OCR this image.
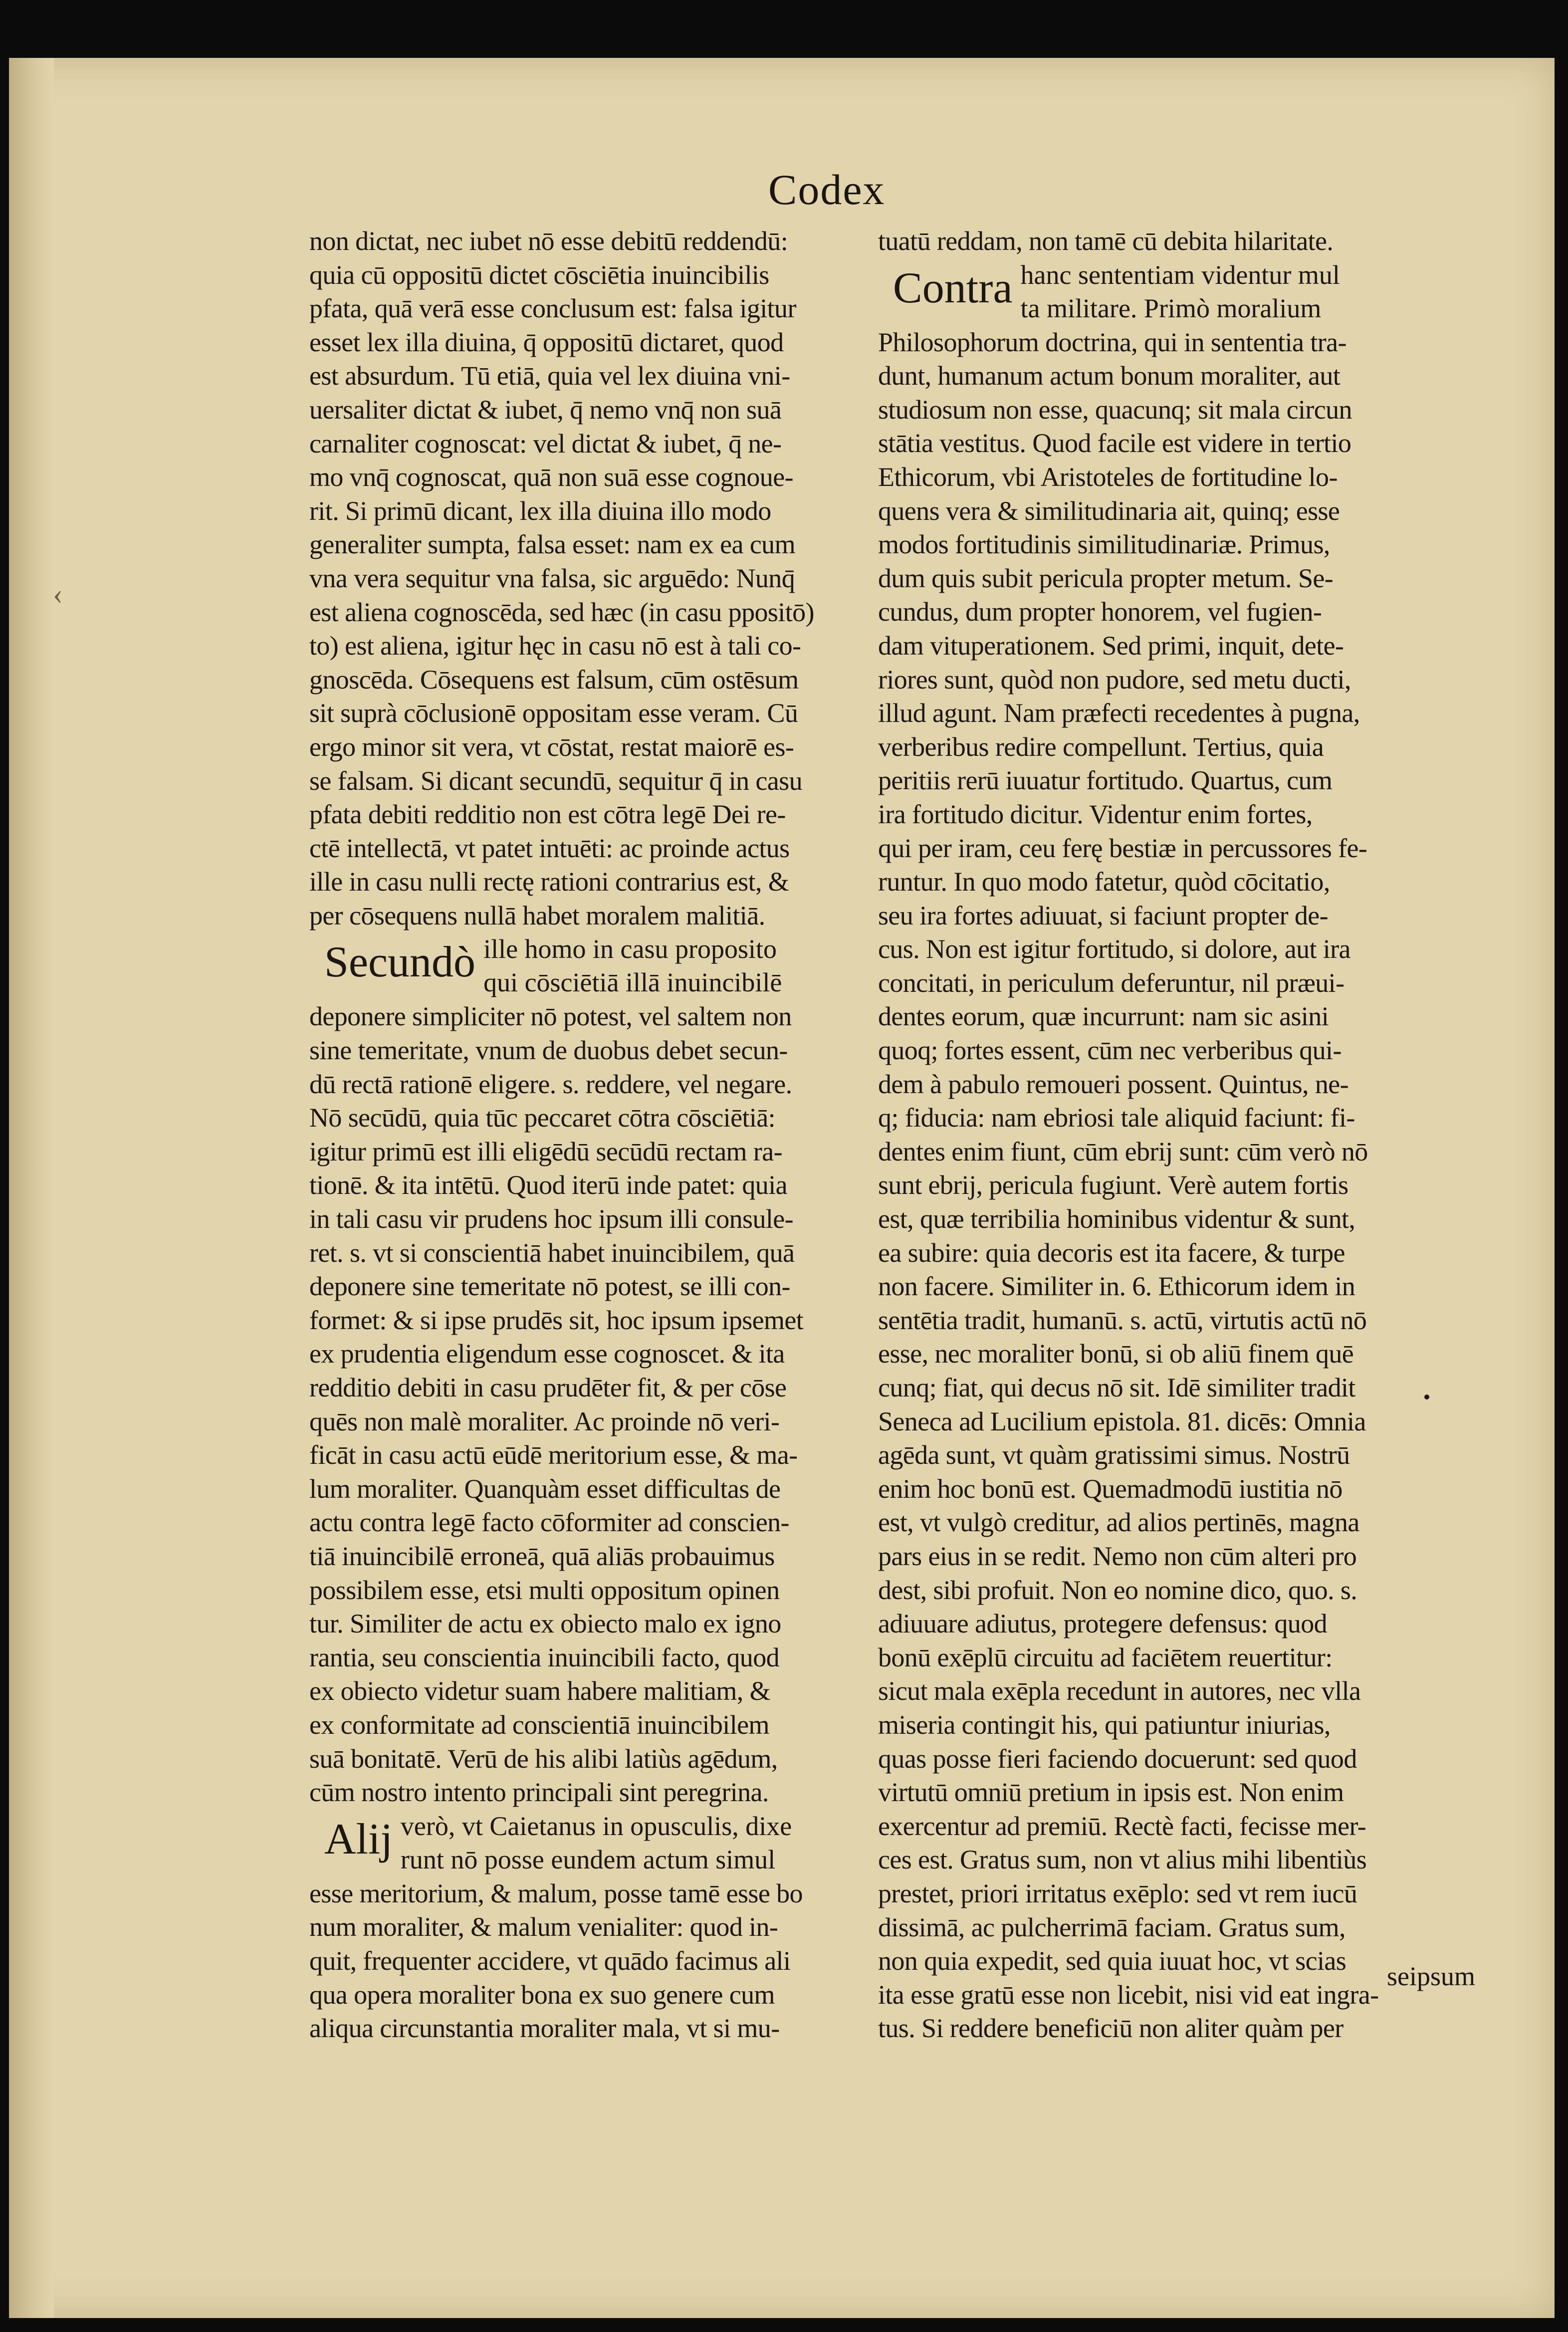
‹
Codex
non dictat, nec iubet nō esse debitū reddendū:
quia cū oppositū dictet cōsciētia inuincibilis
pfata, quā verā esse conclusum est: falsa igitur
esset lex illa diuina, q̄ oppositū dictaret, quod
est absurdum. Tū etiā, quia vel lex diuina vni-
uersaliter dictat & iubet, q̄ nemo vnq̄ non suā
carnaliter cognoscat: vel dictat & iubet, q̄ ne-
mo vnq̄ cognoscat, quā non suā esse cognoue-
rit. Si primū dicant, lex illa diuina illo modo
generaliter sumpta, falsa esset: nam ex ea cum
vna vera sequitur vna falsa, sic arguēdo: Nunq̄
est aliena cognoscēda, sed hæc (in casu ppositō)
to) est aliena, igitur hęc in casu nō est à tali co-
gnoscēda. Cōsequens est falsum, cūm ostēsum
sit suprà cōclusionē oppositam esse veram. Cū
ergo minor sit vera, vt cōstat, restat maiorē es-
se falsam. Si dicant secundū, sequitur q̄ in casu
pfata debiti redditio non est cōtra legē Dei re-
ctē intellectā, vt patet intuēti: ac proinde actus
ille in casu nulli rectę rationi contrarius est, &
per cōsequens nullā habet moralem malitiā.
Secundò ille homo in casu proposito
qui cōsciētiā illā inuincibilē
deponere simpliciter nō potest, vel saltem non
sine temeritate, vnum de duobus debet secun-
dū rectā rationē eligere. s. reddere, vel negare.
Nō secūdū, quia tūc peccaret cōtra cōsciētiā:
igitur primū est illi eligēdū secūdū rectam ra-
tionē. & ita intētū. Quod iterū inde patet: quia
in tali casu vir prudens hoc ipsum illi consule-
ret. s. vt si conscientiā habet inuincibilem, quā
deponere sine temeritate nō potest, se illi con-
formet: & si ipse prudēs sit, hoc ipsum ipsemet
ex prudentia eligendum esse cognoscet. & ita
redditio debiti in casu prudēter fit, & per cōse
quēs non malè moraliter. Ac proinde nō veri-
ficāt in casu actū eūdē meritorium esse, & ma-
lum moraliter. Quanquàm esset difficultas de
actu contra legē facto cōformiter ad conscien-
tiā inuincibilē erroneā, quā aliās probauimus
possibilem esse, etsi multi oppositum opinen
tur. Similiter de actu ex obiecto malo ex igno
rantia, seu conscientia inuincibili facto, quod
ex obiecto videtur suam habere malitiam, &
ex conformitate ad conscientiā inuincibilem
suā bonitatē. Verū de his alibi latiùs agēdum,
cūm nostro intento principali sint peregrina.
Alij verò, vt Caietanus in opusculis, dixe
runt nō posse eundem actum simul
esse meritorium, & malum, posse tamē esse bo
num moraliter, & malum venialiter: quod in-
quit, frequenter accidere, vt quādo facimus ali
qua opera moraliter bona ex suo genere cum
aliqua circunstantia moraliter mala, vt si mu-
tuatū reddam, non tamē cū debita hilaritate.
Contra hanc sententiam videntur mul
ta militare. Primò moralium
Philosophorum doctrina, qui in sententia tra-
dunt, humanum actum bonum moraliter, aut
studiosum non esse, quacunq; sit mala circun
stātia vestitus. Quod facile est videre in tertio
Ethicorum, vbi Aristoteles de fortitudine lo-
quens vera & similitudinaria ait, quinq; esse
modos fortitudinis similitudinariæ. Primus,
dum quis subit pericula propter metum. Se-
cundus, dum propter honorem, vel fugien-
dam vituperationem. Sed primi, inquit, dete-
riores sunt, quòd non pudore, sed metu ducti,
illud agunt. Nam præfecti recedentes à pugna,
verberibus redire compellunt. Tertius, quia
peritiis rerū iuuatur fortitudo. Quartus, cum
ira fortitudo dicitur. Videntur enim fortes,
qui per iram, ceu ferę bestiæ in percussores fe-
runtur. In quo modo fatetur, quòd cōcitatio,
seu ira fortes adiuuat, si faciunt propter de-
cus. Non est igitur fortitudo, si dolore, aut ira
concitati, in periculum deferuntur, nil præui-
dentes eorum, quæ incurrunt: nam sic asini
quoq; fortes essent, cūm nec verberibus qui-
dem à pabulo remoueri possent. Quintus, ne-
q; fiducia: nam ebriosi tale aliquid faciunt: fi-
dentes enim fiunt, cūm ebrij sunt: cūm verò nō
sunt ebrij, pericula fugiunt. Verè autem fortis
est, quæ terribilia hominibus videntur & sunt,
ea subire: quia decoris est ita facere, & turpe
non facere. Similiter in. 6. Ethicorum idem in
sentētia tradit, humanū. s. actū, virtutis actū nō
esse, nec moraliter bonū, si ob aliū finem quē
cunq; fiat, qui decus nō sit. Idē similiter tradit
Seneca ad Lucilium epistola. 81. dicēs: Omnia
agēda sunt, vt quàm gratissimi simus. Nostrū
enim hoc bonū est. Quemadmodū iustitia nō
est, vt vulgò creditur, ad alios pertinēs, magna
pars eius in se redit. Nemo non cūm alteri pro
dest, sibi profuit. Non eo nomine dico, quo. s.
adiuuare adiutus, protegere defensus: quod
bonū exēplū circuitu ad faciētem reuertitur:
sicut mala exēpla recedunt in autores, nec vlla
miseria contingit his, qui patiuntur iniurias,
quas posse fieri faciendo docuerunt: sed quod
virtutū omniū pretium in ipsis est. Non enim
exercentur ad premiū. Rectè facti, fecisse mer-
ces est. Gratus sum, non vt alius mihi libentiùs
prestet, priori irritatus exēplo: sed vt rem iucū
dissimā, ac pulcherrimā faciam. Gratus sum,
non quia expedit, sed quia iuuat hoc, vt scias
ita esse gratū esse non licebit, nisi vid eat ingra-
tus. Si reddere beneficiū non aliter quàm per
seipsum
